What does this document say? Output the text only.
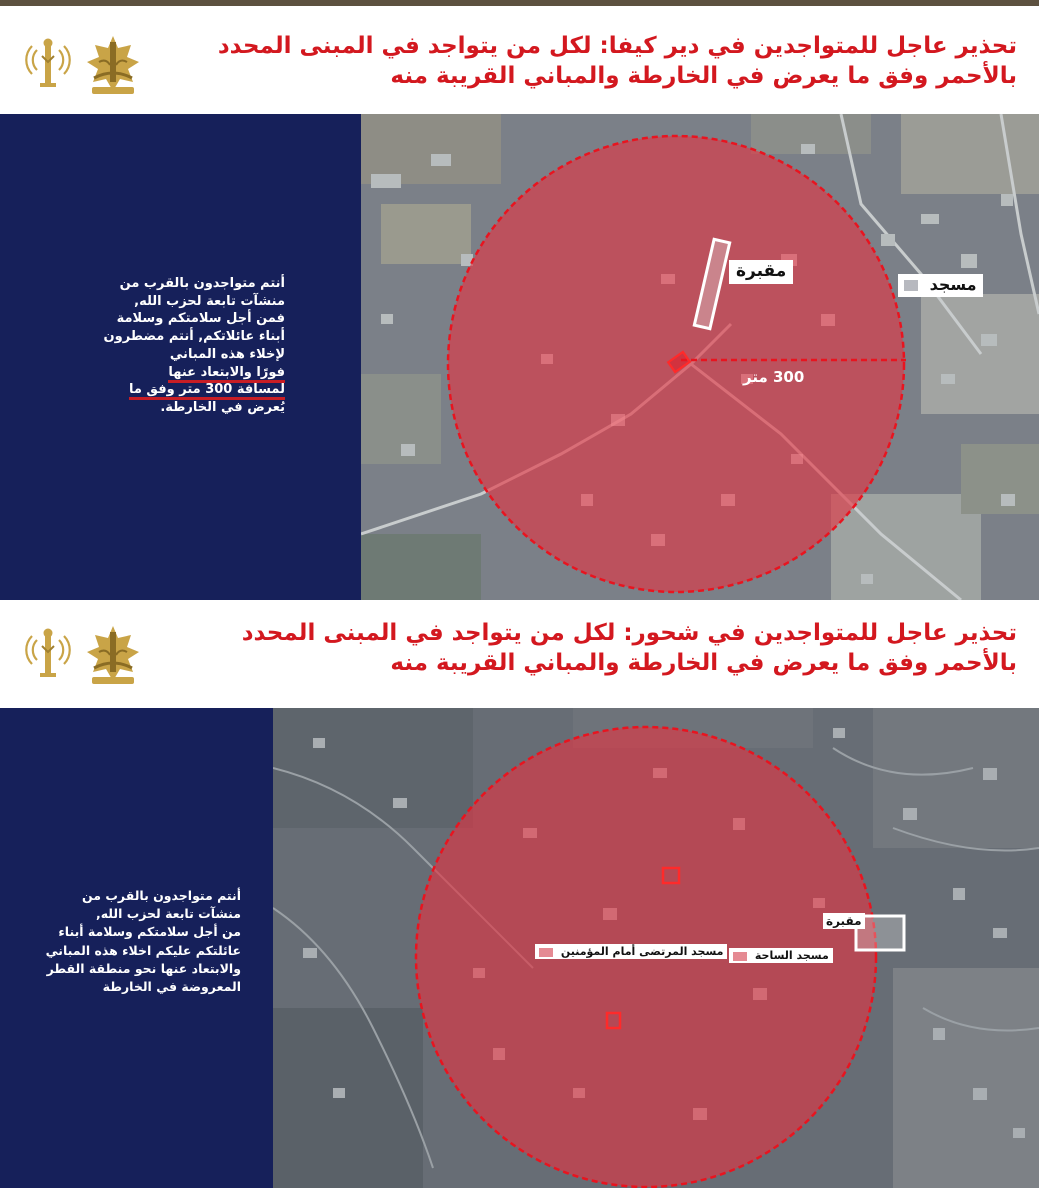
تحذير عاجل للمتواجدين في دير كيفا: لكل من يتواجد في المبنى المحدد بالأحمر وفق ما يعرض في الخارطة والمباني القريبة منه
أنتم متواجدون بالقرب من
منشآت تابعة لحزب الله,
فمن أجل سلامتكم وسلامة
أبناء عائلاتكم, أنتم مضطرون
لإخلاء هذه المباني
فورًا والابتعاد عنها
لمسافة 300 متر وفق ما
يُعرض في الخارطة.
مقبرة
مسجد
300 متر
تحذير عاجل للمتواجدين في شحور: لكل من يتواجد في المبنى المحدد بالأحمر وفق ما يعرض في الخارطة والمباني القريبة منه
أنتم متواجدون بالقرب من
منشآت تابعة لحزب الله,
من أجل سلامتكم وسلامة أبناء
عائلتكم عليكم اخلاء هذه المباني
والابتعاد عنها نحو منطقة القطر
المعروضة في الخارطة
مقبرة
مسجد المرتضى أمام المؤمنين	مسجد الساحة
